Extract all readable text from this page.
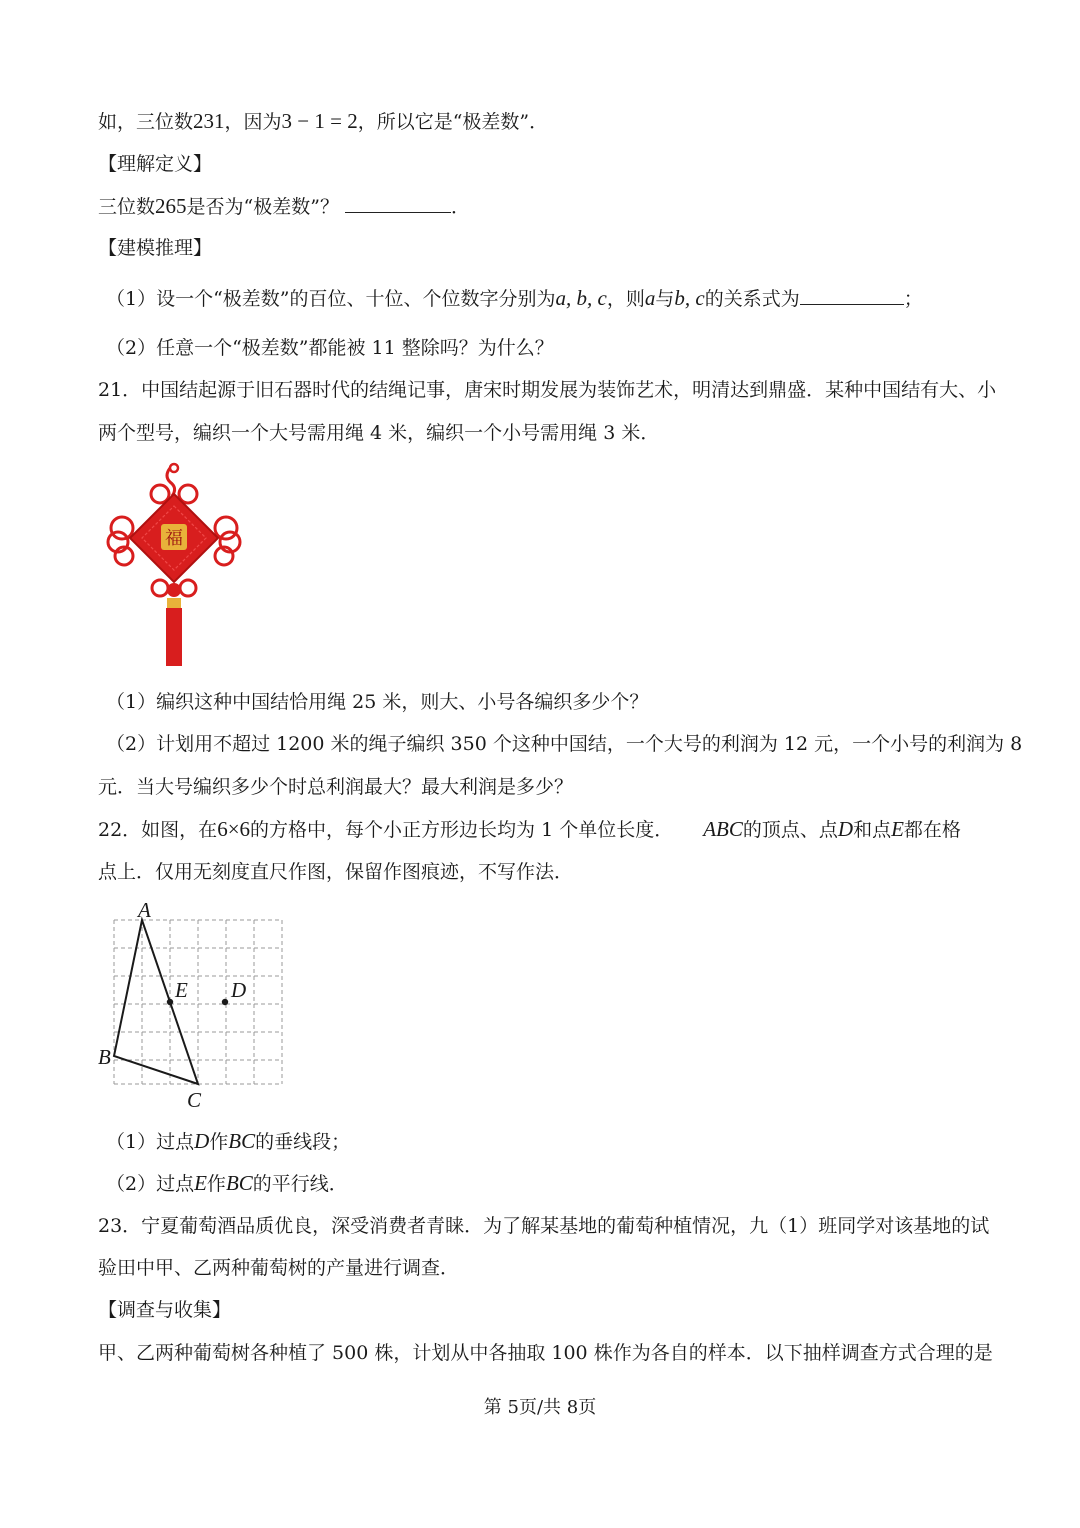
如，三位数231，因为3 − 1 = 2，所以它是“极差数”．
【理解定义】
三位数265是否为“极差数”？	．
【建模推理】
（1）设一个“极差数”的百位、十位、个位数字分别为a, b, c，则a与b, c的关系式为	；
（2）任意一个“极差数”都能被 11 整除吗？为什么？
21．中国结起源于旧石器时代的结绳记事，唐宋时期发展为装饰艺术，明清达到鼎盛．某种中国结有大、小
两个型号，编织一个大号需用绳 4 米，编织一个小号需用绳 3 米．
福
（1）编织这种中国结恰用绳 25 米，则大、小号各编织多少个？
（2）计划用不超过 1200 米的绳子编织 350 个这种中国结，一个大号的利润为 12 元，一个小号的利润为 8
元．当大号编织多少个时总利润最大？最大利润是多少？
22．如图，在6×6的方格中，每个小正方形边长均为 1 个单位长度． ABC的顶点、点D和点E都在格
点上．仅用无刻度直尺作图，保留作图痕迹，不写作法．
A
B
C
E D
（1）过点D作BC的垂线段；
（2）过点E作BC的平行线．
23．宁夏葡萄酒品质优良，深受消费者青睐．为了解某基地的葡萄种植情况，九（1）班同学对该基地的试
验田中甲、乙两种葡萄树的产量进行调查．
【调查与收集】
甲、乙两种葡萄树各种植了 500 株，计划从中各抽取 100 株作为各自的样本．以下抽样调查方式合理的是
第 5页/共 8页
